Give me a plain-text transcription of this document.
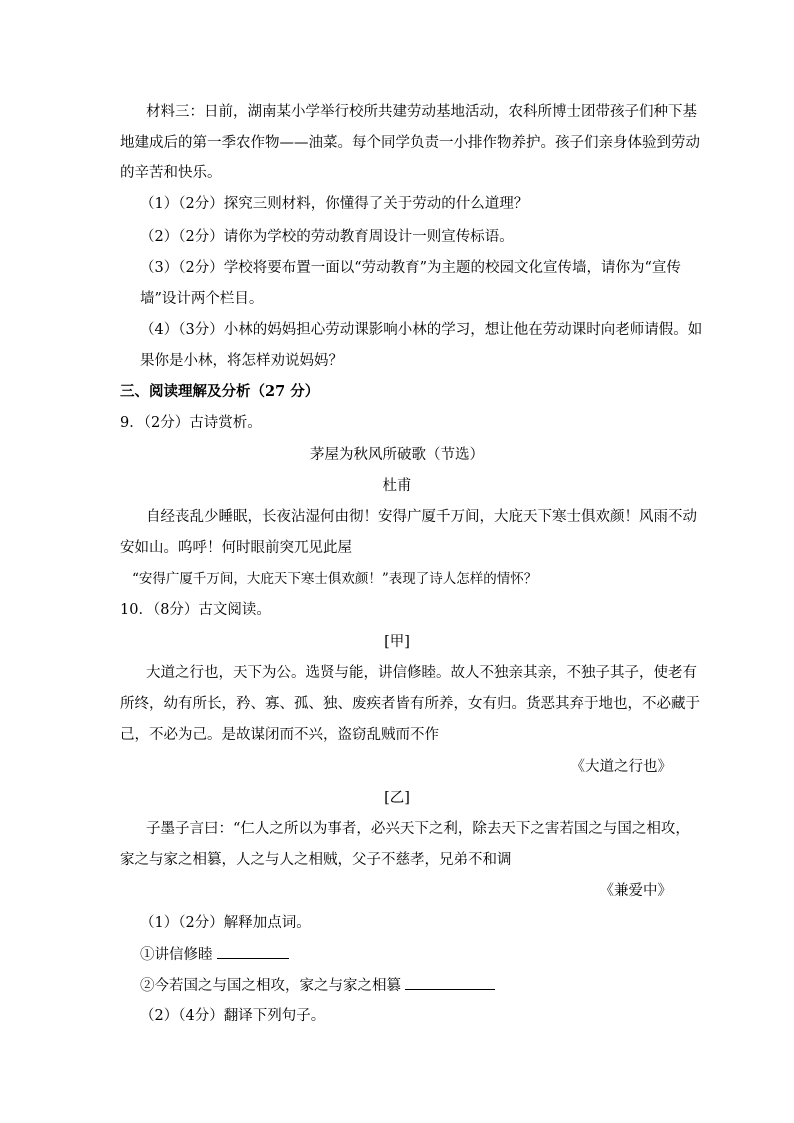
材料三：日前，湖南某小学举行校所共建劳动基地活动，农科所博士团带孩子们种下基
地建成后的第一季农作物——油菜。每个同学负责一小排作物养护。孩子们亲身体验到劳动
的辛苦和快乐。
（1）（2分）探究三则材料，你懂得了关于劳动的什么道理？
（2）（2分）请你为学校的劳动教育周设计一则宣传标语。
（3）（2分）学校将要布置一面以“劳动教育”为主题的校园文化宣传墙，请你为“宣传
墙”设计两个栏目。
（4）（3分）小林的妈妈担心劳动课影响小林的学习，想让他在劳动课时向老师请假。如
果你是小林，将怎样劝说妈妈？
三、阅读理解及分析（27 分）
9．（2分）古诗赏析。
茅屋为秋风所破歌（节选）
杜甫
自经丧乱少睡眠，长夜沾湿何由彻！安得广厦千万间，大庇天下寒士俱欢颜！风雨不动
安如山。呜呼！何时眼前突兀见此屋
“安得广厦千万间，大庇天下寒士俱欢颜！”表现了诗人怎样的情怀？
10．（8分）古文阅读。
[甲]
大道之行也，天下为公。选贤与能，讲信修睦。故人不独亲其亲，不独子其子，使老有
所终，幼有所长，矜、寡、孤、独、废疾者皆有所养，女有归。货恶其弃于地也，不必藏于
己，不必为己。是故谋闭而不兴，盗窃乱贼而不作
《大道之行也》
[乙]
子墨子言曰：“仁人之所以为事者，必兴天下之利，除去天下之害若国之与国之相攻，
家之与家之相篡，人之与人之相贼，父子不慈孝，兄弟不和调
《兼爱中》
（1）（2分）解释加点词。
①讲信修睦
②今若国之与国之相攻，家之与家之相篡
（2）（4分）翻译下列句子。
